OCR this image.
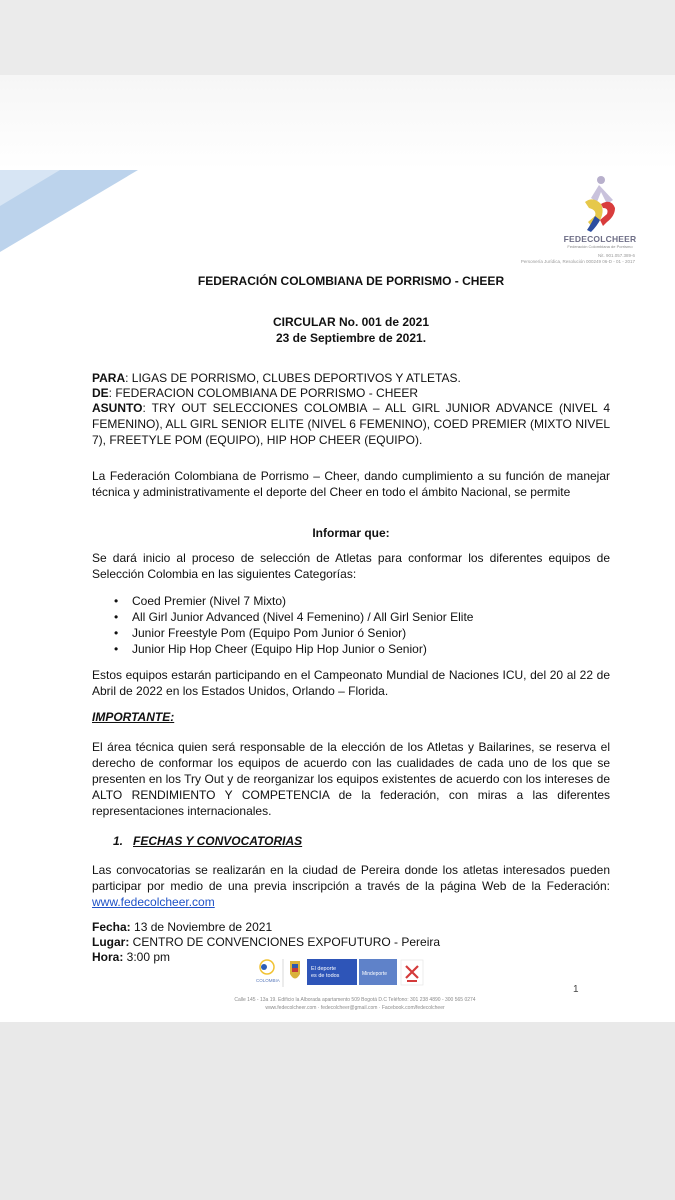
FEDECOLCHEER
Federación Colombiana de Porrismo
Nit. 901.057.389-6
Personería Jurídica, Resolución 000249 06-D - 01 - 2017

FEDERACIÓN COLOMBIANA DE PORRISMO - CHEER

CIRCULAR No. 001 de 2021

23 de Septiembre de 2021.

PARA: LIGAS DE PORRISMO, CLUBES DEPORTIVOS Y ATLETAS.

DE: FEDERACION COLOMBIANA DE PORRISMO - CHEER

ASUNTO: TRY OUT SELECCIONES COLOMBIA – ALL GIRL JUNIOR ADVANCE (NIVEL 4 FEMENINO), ALL GIRL SENIOR ELITE (NIVEL 6 FEMENINO), COED PREMIER (MIXTO NIVEL 7), FREETYLE POM (EQUIPO), HIP HOP CHEER (EQUIPO).

La Federación Colombiana de Porrismo – Cheer, dando cumplimiento a su función de manejar técnica y administrativamente el deporte del Cheer en todo el ámbito Nacional, se permite

Informar que:

Se dará inicio al proceso de selección de Atletas para conformar los diferentes equipos de Selección Colombia en las siguientes Categorías:

• Coed Premier (Nivel 7 Mixto)
• All Girl Junior Advanced (Nivel 4 Femenino) / All Girl Senior Elite
• Junior Freestyle Pom (Equipo Pom Junior ó Senior)
• Junior Hip Hop Cheer (Equipo Hip Hop Junior o Senior)

Estos equipos estarán participando en el Campeonato Mundial de Naciones ICU, del 20 al 22 de Abril de 2022 en los Estados Unidos, Orlando – Florida.

IMPORTANTE:

El área técnica quien será responsable de la elección de los Atletas y Bailarines, se reserva el derecho de conformar los equipos de acuerdo con las cualidades de cada uno de los que se presenten en los Try Out y de reorganizar los equipos existentes de acuerdo con los intereses de ALTO RENDIMIENTO Y COMPETENCIA de la federación, con miras a las diferentes representaciones internacionales.

1. FECHAS Y CONVOCATORIAS

Las convocatorias se realizarán en la ciudad de Pereira donde los atletas interesados pueden participar por medio de una previa inscripción a través de la página Web de la Federación: www.fedecolcheer.com

Fecha: 13 de Noviembre de 2021

Lugar: CENTRO DE CONVENCIONES EXPOFUTURO - Pereira

Hora: 3:00 pm

COLOMBIA
El deporte
es de todos	Mindeporte
Calle 145 - 13a 19. Edificio la Alborada apartamento 509 Bogotá D.C Teléfono: 301 238 4890 - 300 565 0274
www.fedecolcheer.com · fedecolcheer@gmail.com · Facebook.com/fedecolcheer
1
